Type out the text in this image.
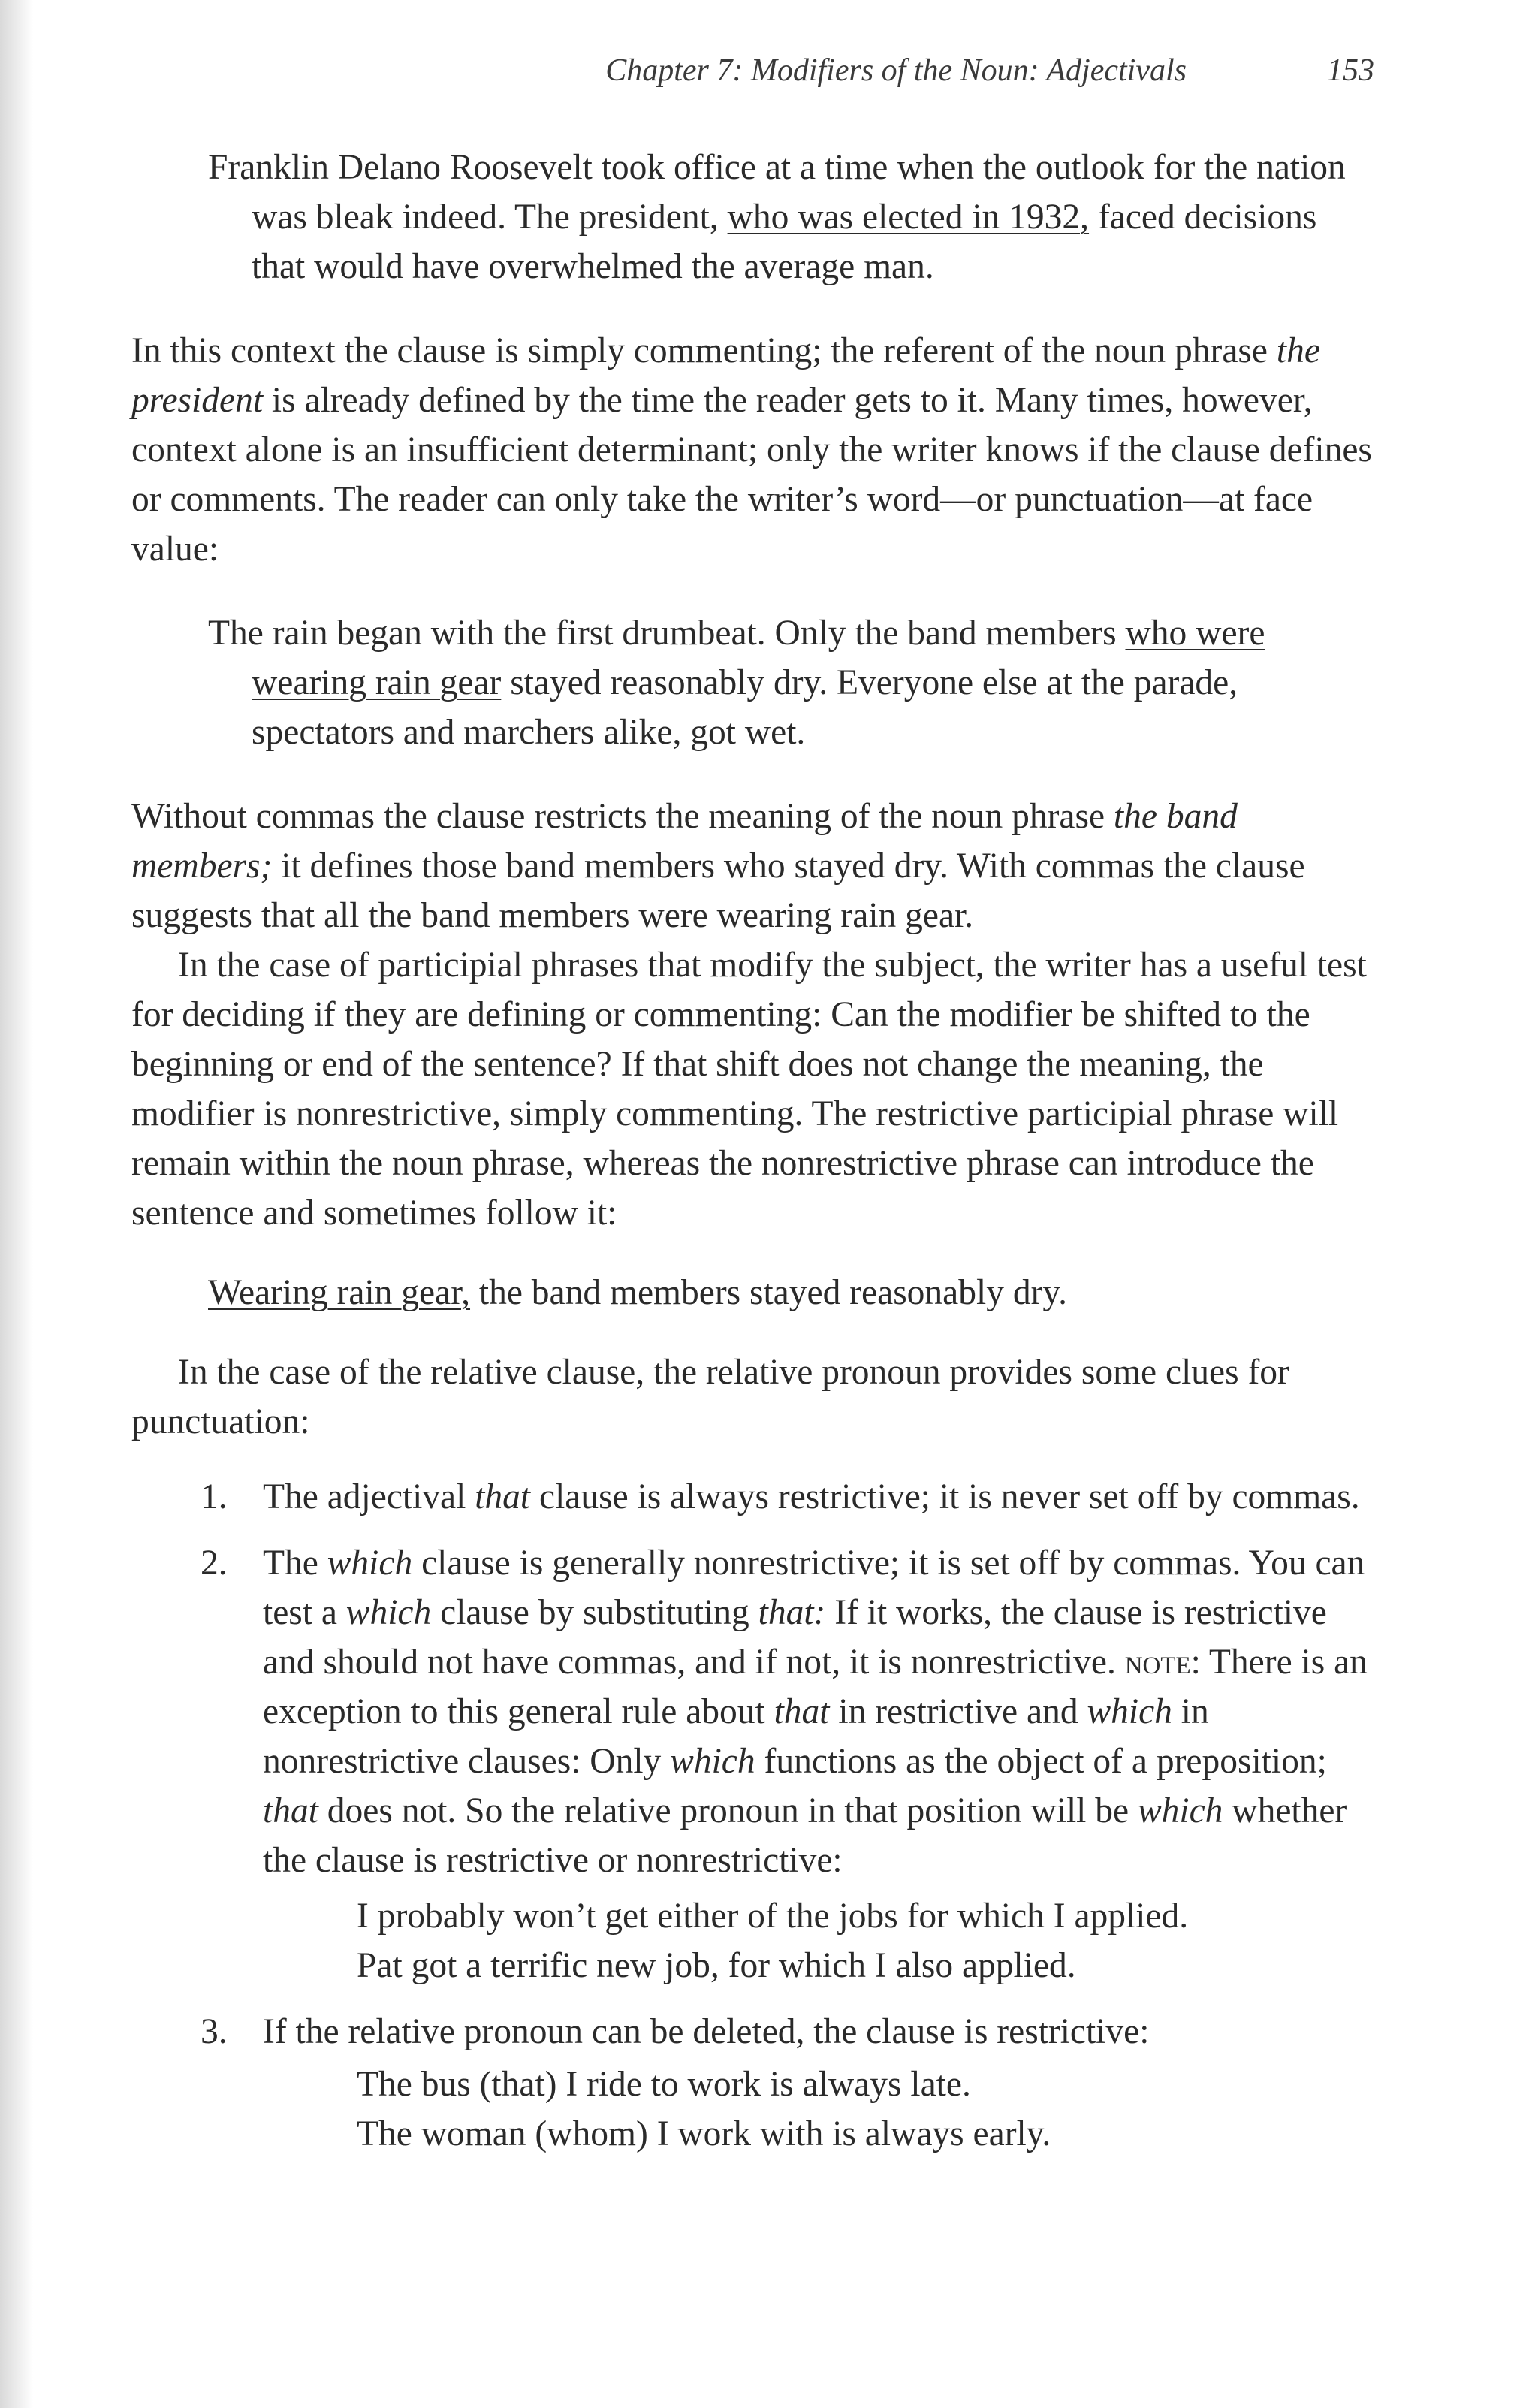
Chapter 7: Modifiers of the Noun: Adjectivals	153

Franklin Delano Roosevelt took office at a time when the outlook for the nation was bleak indeed. The president, who was elected in 1932, faced decisions that would have overwhelmed the average man.

In this context the clause is simply commenting; the referent of the noun phrase the president is already defined by the time the reader gets to it. Many times, however, context alone is an insufficient determinant; only the writer knows if the clause defines or comments. The reader can only take the writer’s word—or punctuation—at face value:

The rain began with the first drumbeat. Only the band members who were wearing rain gear stayed reasonably dry. Everyone else at the parade, spectators and marchers alike, got wet.

Without commas the clause restricts the meaning of the noun phrase the band members; it defines those band members who stayed dry. With commas the clause suggests that all the band members were wearing rain gear.

In the case of participial phrases that modify the subject, the writer has a useful test for deciding if they are defining or commenting: Can the modifier be shifted to the beginning or end of the sentence? If that shift does not change the meaning, the modifier is nonrestrictive, simply commenting. The restrictive participial phrase will remain within the noun phrase, whereas the nonrestrictive phrase can introduce the sentence and sometimes follow it:

Wearing rain gear, the band members stayed reasonably dry.

In the case of the relative clause, the relative pronoun provides some clues for punctuation:

1. The adjectival that clause is always restrictive; it is never set off by commas.
2. The which clause is generally nonrestrictive; it is set off by commas. You can test a which clause by substituting that: If it works, the clause is restrictive and should not have commas, and if not, it is nonrestrictive. note: There is an exception to this general rule about that in restrictive and which in nonrestrictive clauses: Only which functions as the object of a preposition; that does not. So the relative pronoun in that position will be which whether the clause is restrictive or nonrestrictive:
I probably won’t get either of the jobs for which I applied.
Pat got a terrific new job, for which I also applied.
3. If the relative pronoun can be deleted, the clause is restrictive:
The bus (that) I ride to work is always late.
The woman (whom) I work with is always early.
